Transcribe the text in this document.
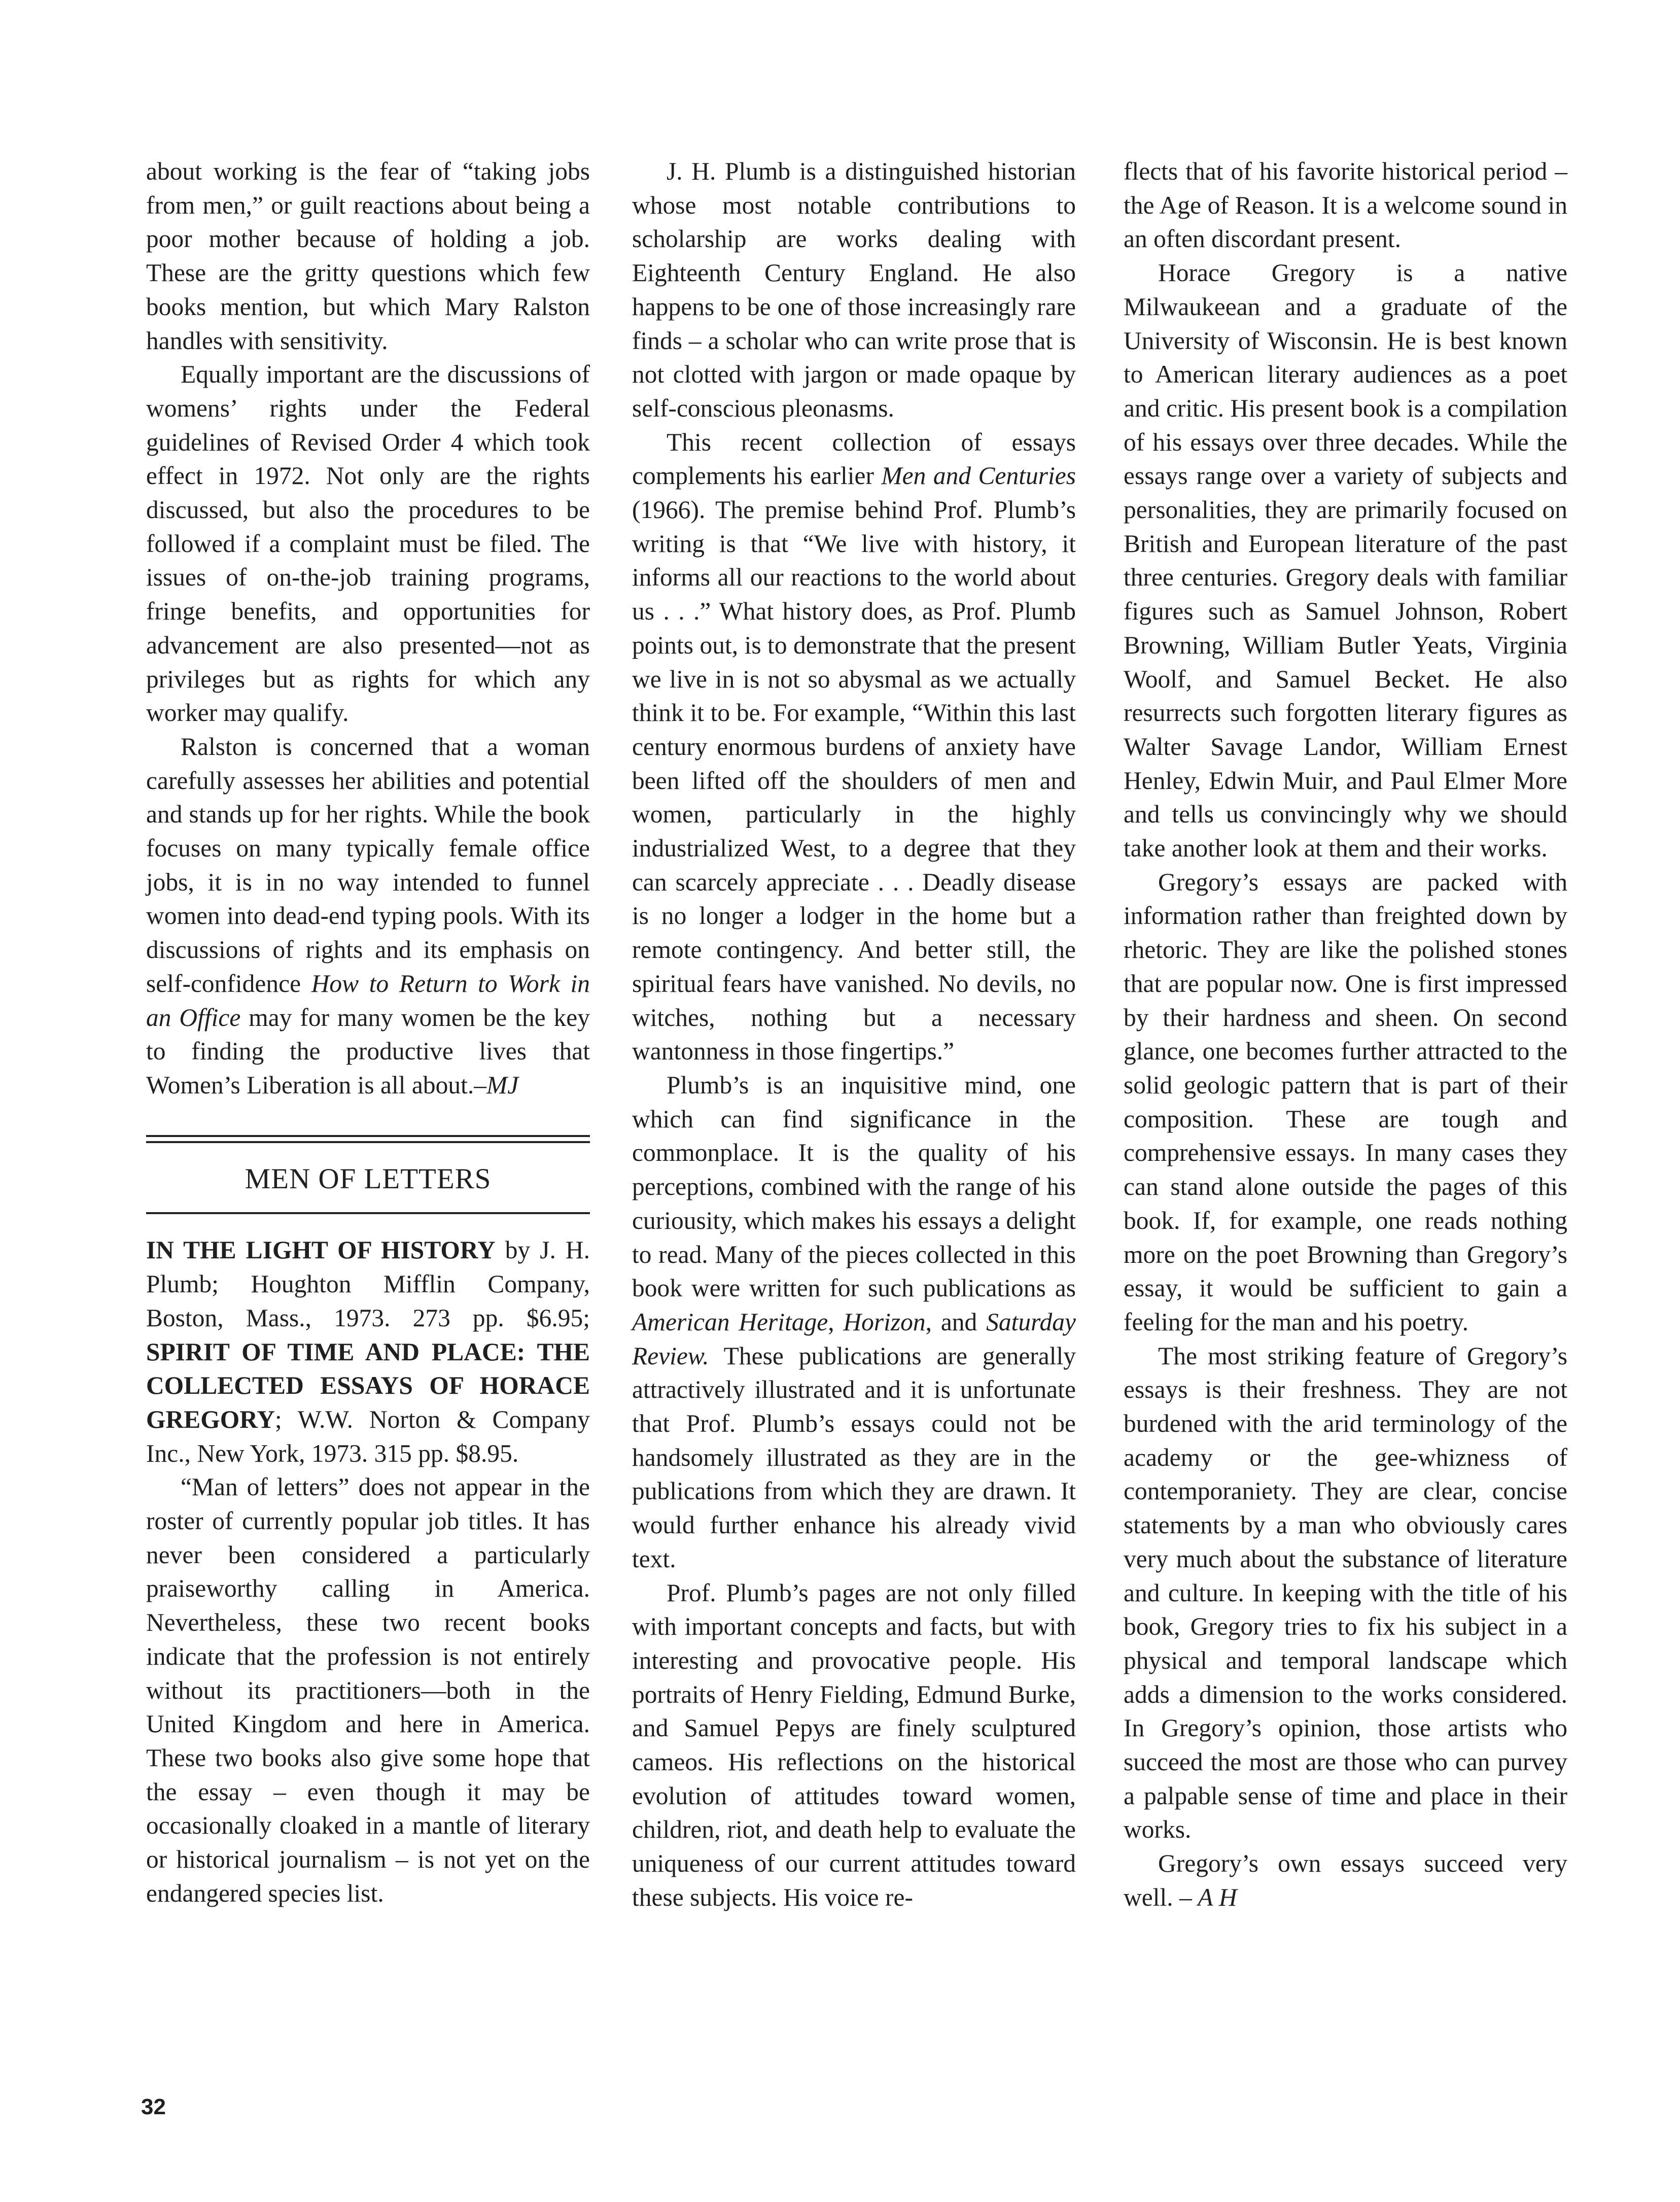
about working is the fear of “taking jobs from men,” or guilt reactions about being a poor mother because of holding a job. These are the gritty questions which few books mention, but which Mary Ralston handles with sensitivity.

Equally important are the discussions of womens’ rights under the Federal guidelines of Revised Order 4 which took effect in 1972. Not only are the rights discussed, but also the procedures to be followed if a complaint must be filed. The issues of on-the-job training programs, fringe benefits, and opportunities for advancement are also presented—not as privileges but as rights for which any worker may qualify.

Ralston is concerned that a woman carefully assesses her abilities and potential and stands up for her rights. While the book focuses on many typically female office jobs, it is in no way intended to funnel women into dead-end typing pools. With its discussions of rights and its emphasis on self-confidence How to Return to Work in an Office may for many women be the key to finding the productive lives that Women’s Liberation is all about.–MJ

MEN OF LETTERS

IN THE LIGHT OF HISTORY by J. H. Plumb; Houghton Mifflin Company, Boston, Mass., 1973. 273 pp. $6.95; SPIRIT OF TIME AND PLACE: THE COLLECTED ESSAYS OF HORACE GREGORY; W.W. Norton & Company Inc., New York, 1973. 315 pp. $8.95.

“Man of letters” does not appear in the roster of currently popular job titles. It has never been considered a particularly praiseworthy calling in America. Nevertheless, these two recent books indicate that the profession is not entirely without its practitioners—both in the United Kingdom and here in America. These two books also give some hope that the essay – even though it may be occasionally cloaked in a mantle of literary or historical journalism – is not yet on the endangered species list.

J. H. Plumb is a distinguished historian whose most notable contributions to scholarship are works dealing with Eighteenth Century England. He also happens to be one of those increasingly rare finds – a scholar who can write prose that is not clotted with jargon or made opaque by self-conscious pleonasms.

This recent collection of essays complements his earlier Men and Centuries (1966). The premise behind Prof. Plumb’s writing is that “We live with history, it informs all our reactions to the world about us . . .” What history does, as Prof. Plumb points out, is to demonstrate that the present we live in is not so abysmal as we actually think it to be. For example, “Within this last century enormous burdens of anxiety have been lifted off the shoulders of men and women, particularly in the highly industrialized West, to a degree that they can scarcely appreciate . . . Deadly disease is no longer a lodger in the home but a remote contingency. And better still, the spiritual fears have vanished. No devils, no witches, nothing but a necessary wantonness in those fingertips.”

Plumb’s is an inquisitive mind, one which can find significance in the commonplace. It is the quality of his perceptions, combined with the range of his curiousity, which makes his essays a delight to read. Many of the pieces collected in this book were written for such publications as American Heritage, Horizon, and Saturday Review. These publications are generally attractively illustrated and it is unfortunate that Prof. Plumb’s essays could not be handsomely illustrated as they are in the publications from which they are drawn. It would further enhance his already vivid text.

Prof. Plumb’s pages are not only filled with important concepts and facts, but with interesting and provocative people. His portraits of Henry Fielding, Edmund Burke, and Samuel Pepys are finely sculptured cameos. His reflections on the historical evolution of attitudes toward women, children, riot, and death help to evaluate the uniqueness of our current attitudes toward these subjects. His voice re-

flects that of his favorite historical period – the Age of Reason. It is a welcome sound in an often discordant present.

Horace Gregory is a native Milwaukeean and a graduate of the University of Wisconsin. He is best known to American literary audiences as a poet and critic. His present book is a compilation of his essays over three decades. While the essays range over a variety of subjects and personalities, they are primarily focused on British and European literature of the past three centuries. Gregory deals with familiar figures such as Samuel Johnson, Robert Browning, William Butler Yeats, Virginia Woolf, and Samuel Becket. He also resurrects such forgotten literary figures as Walter Savage Landor, William Ernest Henley, Edwin Muir, and Paul Elmer More and tells us convincingly why we should take another look at them and their works.

Gregory’s essays are packed with information rather than freighted down by rhetoric. They are like the polished stones that are popular now. One is first impressed by their hardness and sheen. On second glance, one becomes further attracted to the solid geologic pattern that is part of their composition. These are tough and comprehensive essays. In many cases they can stand alone outside the pages of this book. If, for example, one reads nothing more on the poet Browning than Gregory’s essay, it would be sufficient to gain a feeling for the man and his poetry.

The most striking feature of Gregory’s essays is their freshness. They are not burdened with the arid terminology of the academy or the gee-whizness of contemporaniety. They are clear, concise statements by a man who obviously cares very much about the substance of literature and culture. In keeping with the title of his book, Gregory tries to fix his subject in a physical and temporal landscape which adds a dimension to the works considered. In Gregory’s opinion, those artists who succeed the most are those who can purvey a palpable sense of time and place in their works.

Gregory’s own essays succeed very well. – A H

32
